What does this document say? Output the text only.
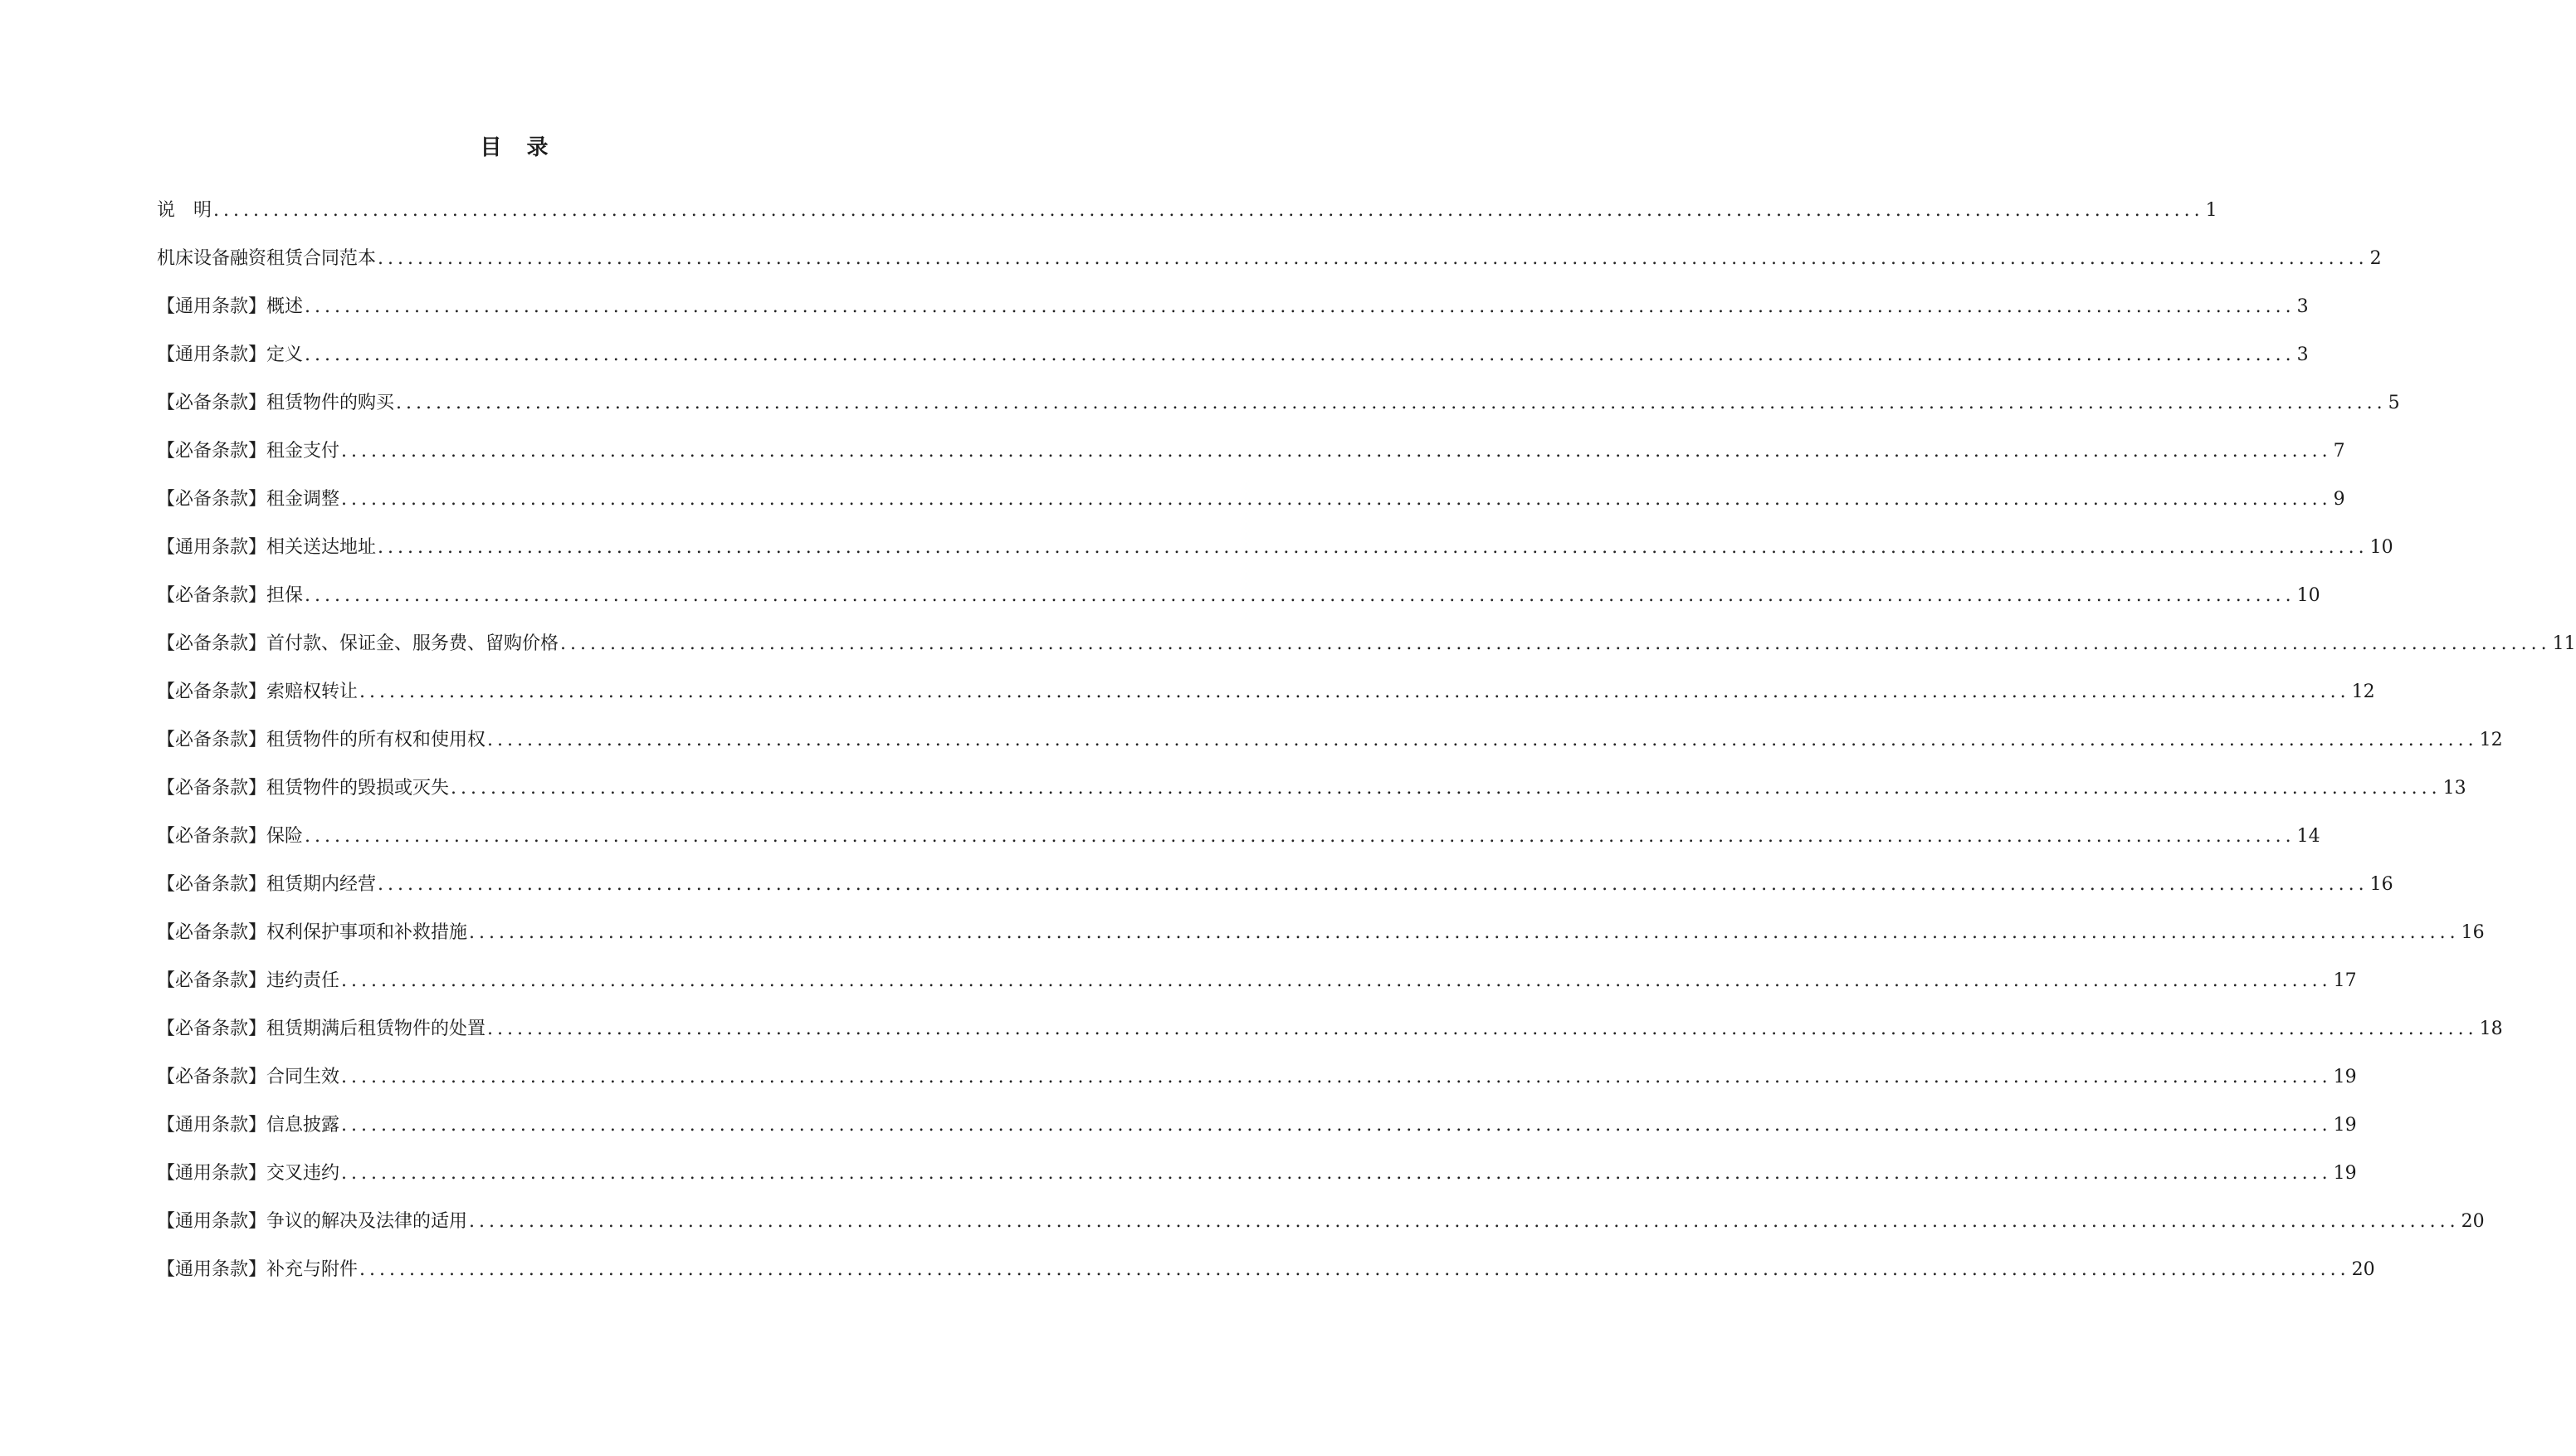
目　录
说　明 ........................................................................................................................................................................................................ 1
机床设备融资租赁合同范本 ........................................................................................................................................................................................................ 2
【通用条款】概述 ........................................................................................................................................................................................................ 3
【通用条款】定义 ........................................................................................................................................................................................................ 3
【必备条款】租赁物件的购买 ........................................................................................................................................................................................................ 5
【必备条款】租金支付 ........................................................................................................................................................................................................ 7
【必备条款】租金调整 ........................................................................................................................................................................................................ 9
【通用条款】相关送达地址 ........................................................................................................................................................................................................ 10
【必备条款】担保 ........................................................................................................................................................................................................ 10
【必备条款】首付款、保证金、服务费、留购价格 ........................................................................................................................................................................................................ 11
【必备条款】索赔权转让 ........................................................................................................................................................................................................ 12
【必备条款】租赁物件的所有权和使用权 ........................................................................................................................................................................................................ 12
【必备条款】租赁物件的毁损或灭失 ........................................................................................................................................................................................................ 13
【必备条款】保险 ........................................................................................................................................................................................................ 14
【必备条款】租赁期内经营 ........................................................................................................................................................................................................ 16
【必备条款】权利保护事项和补救措施 ........................................................................................................................................................................................................ 16
【必备条款】违约责任 ........................................................................................................................................................................................................ 17
【必备条款】租赁期满后租赁物件的处置 ........................................................................................................................................................................................................ 18
【必备条款】合同生效 ........................................................................................................................................................................................................ 19
【通用条款】信息披露 ........................................................................................................................................................................................................ 19
【通用条款】交叉违约 ........................................................................................................................................................................................................ 19
【通用条款】争议的解决及法律的适用 ........................................................................................................................................................................................................ 20
【通用条款】补充与附件 ........................................................................................................................................................................................................ 20
